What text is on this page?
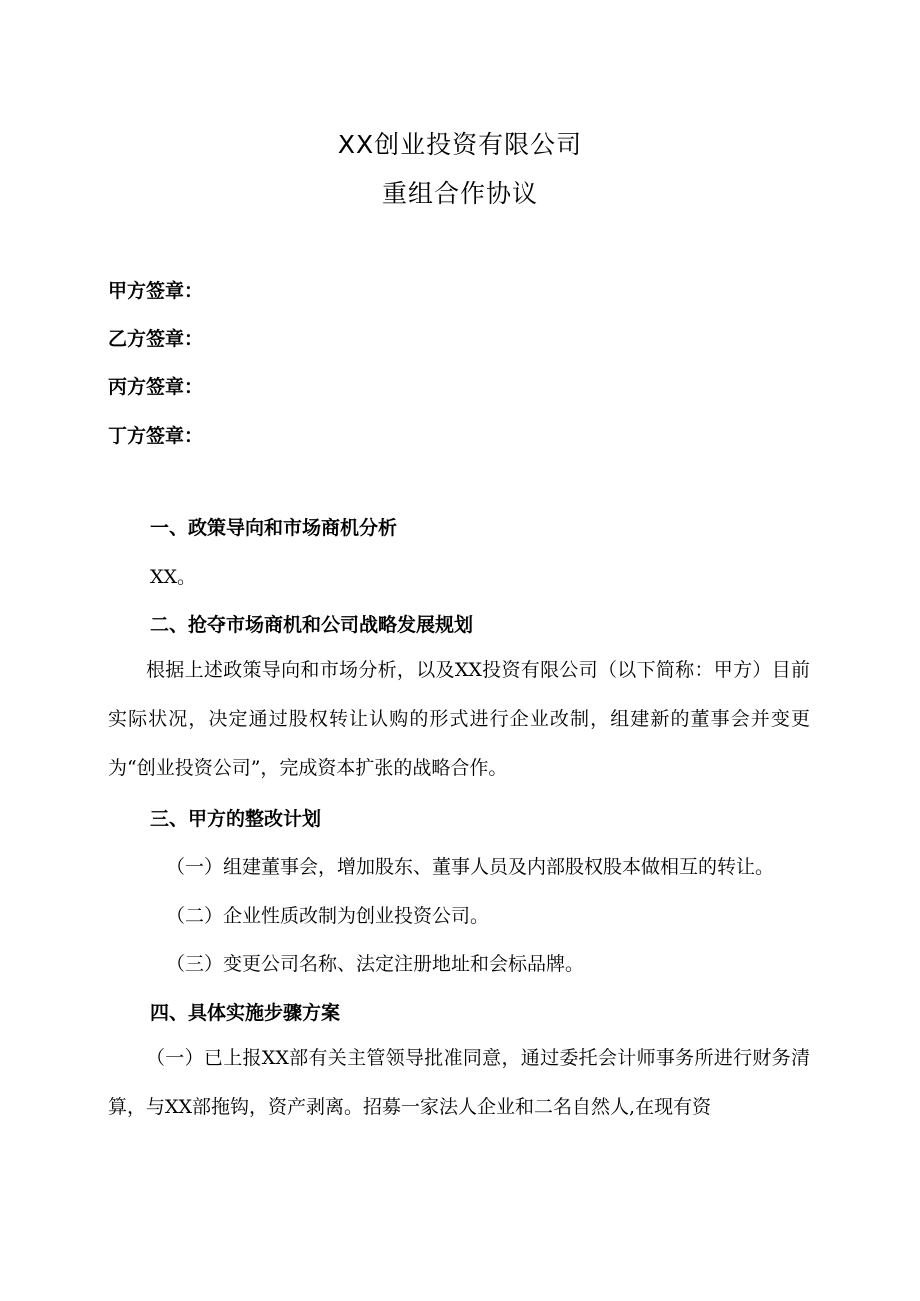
XX创业投资有限公司
重组合作协议
甲方签章：
乙方签章：
丙方签章：
丁方签章：
一、政策导向和市场商机分析
XX。
二、抢夺市场商机和公司战略发展规划

根据上述政策导向和市场分析，以及XX投资有限公司（以下简称：甲方）目前实际状况，决定通过股权转让认购的形式进行企业改制，组建新的董事会并变更为“创业投资公司”，完成资本扩张的战略合作。

三、甲方的整改计划
（一）组建董事会，增加股东、董事人员及内部股权股本做相互的转让。
（二）企业性质改制为创业投资公司。
（三）变更公司名称、法定注册地址和会标品牌。
四、具体实施步骤方案

（一）已上报XX部有关主管领导批准同意，通过委托会计师事务所进行财务清算，与XX部拖钩，资产剥离。招募一家法人企业和二名自然人,在现有资
